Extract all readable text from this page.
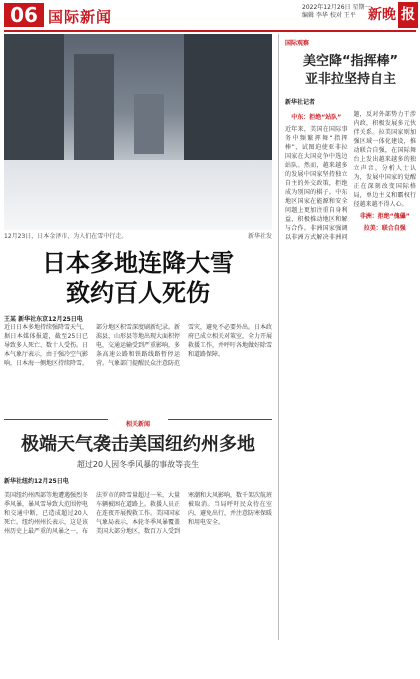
06 国际新闻
2022年12月26日 星期一
编辑 李华 校对 王平 新晚 报
12月23日，日本金泽市，为人们在雪中行走。	新华社发
日本多地连降大雪
致约百人死伤
王某 新华社东京12月25日电
近日日本多地持续强降雪天气，据日本媒体报道，截至25日已导致多人死亡、数十人受伤。日本气象厅表示，由于强冷空气影响，日本海一侧地区持续降雪，部分地区积雪深度刷新纪录。新潟县、山形县等地出现大面积停电，交通运输受到严重影响，多条高速公路和铁路线路暂停运营。气象部门提醒民众注意防范雪灾，避免不必要外出。日本政府已成立相关对策室，全力开展救援工作，并呼吁各地做好除雪和道路保障。
相关新闻
极端天气袭击美国纽约州多地
超过20人因冬季风暴的事故等丧生
新华社纽约12月25日电
美国纽约州西部等地遭遇强烈冬季风暴，暴风雪导致大范围停电和交通中断，已造成超过20人死亡。纽约州州长表示，这是该州历史上最严重的风暴之一，布法罗市的降雪量超过一米，大量车辆被困在道路上。救援人员正在连夜开展搜救工作。美国国家气象局表示，本轮冬季风暴覆盖美国大部分地区，数百万人受到寒潮和大风影响，数千架次航班被取消。当局呼吁民众待在室内，避免出行，并注意防寒保暖和用电安全。
国际观察
美空降“指挥棒”
亚非拉坚持自主
新华社记者
中东：拒绝“站队”
近年来，美国在国际事务中频繁挥舞“指挥棒”，试图迫使亚非拉国家在大国竞争中选边站队。然而，越来越多的发展中国家坚持独立自主的外交政策，拒绝成为别国的棋子。中东地区国家在能源和安全问题上更加注重自身利益，积极推动地区和解与合作。非洲国家强调以非洲方式解决非洲问题，反对外部势力干涉内政，积极发展多元伙伴关系。拉美国家则加强区域一体化建设，推动联合自强，在国际舞台上发出越来越多的独立声音。分析人士认为，发展中国家的觉醒正在深刻改变国际格局，单边主义和霸权行径越来越不得人心。
非洲：拒绝“傀儡”
拉美：联合自强
